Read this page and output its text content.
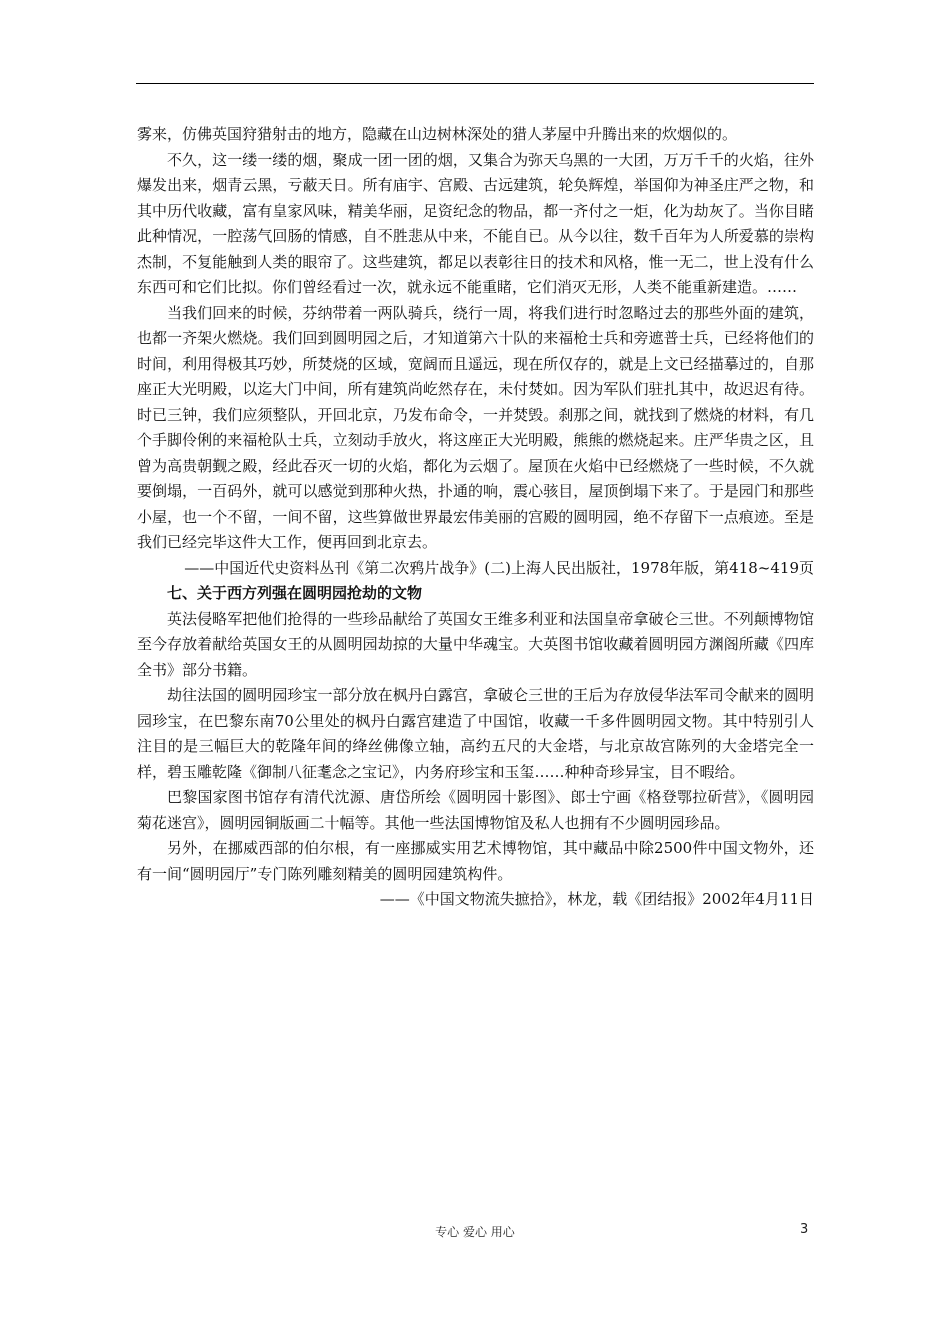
雾来，仿佛英国狩猎射击的地方，隐藏在山边树林深处的猎人茅屋中升腾出来的炊烟似的。

不久，这一缕一缕的烟，聚成一团一团的烟，又集合为弥天乌黑的一大团，万万千千的火焰，往外爆发出来，烟青云黑，亏蔽天日。所有庙宇、宫殿、古远建筑，轮奂辉煌，举国仰为神圣庄严之物，和其中历代收藏，富有皇家风味，精美华丽，足资纪念的物品，都一齐付之一炬，化为劫灰了。当你目睹此种情况，一腔荡气回肠的情感，自不胜悲从中来，不能自已。从今以往，数千百年为人所爱慕的崇构杰制，不复能触到人类的眼帘了。这些建筑，都足以表彰往日的技术和风格，惟一无二，世上没有什么东西可和它们比拟。你们曾经看过一次，就永远不能重睹，它们消灭无形，人类不能重新建造。……

当我们回来的时候，芬纳带着一两队骑兵，绕行一周，将我们进行时忽略过去的那些外面的建筑，也都一齐架火燃烧。我们回到圆明园之后，才知道第六十队的来福枪士兵和旁遮普士兵，已经将他们的时间，利用得极其巧妙，所焚烧的区域，宽阔而且遥远，现在所仅存的，就是上文已经描摹过的，自那座正大光明殿，以迄大门中间，所有建筑尚屹然存在，未付焚如。因为军队们驻扎其中，故迟迟有待。时已三钟，我们应须整队，开回北京，乃发布命令，一并焚毁。刹那之间，就找到了燃烧的材料，有几个手脚伶俐的来福枪队士兵，立刻动手放火，将这座正大光明殿，熊熊的燃烧起来。庄严华贵之区，且曾为高贵朝觐之殿，经此吞灭一切的火焰，都化为云烟了。屋顶在火焰中已经燃烧了一些时候，不久就要倒塌，一百码外，就可以感觉到那种火热，扑通的响，震心骇目，屋顶倒塌下来了。于是园门和那些小屋，也一个不留，一间不留，这些算做世界最宏伟美丽的宫殿的圆明园，绝不存留下一点痕迹。至是我们已经完毕这件大工作，便再回到北京去。

——中国近代史资料丛刊《第二次鸦片战争》(二)上海人民出版社，1978年版，第418~419页

七、关于西方列强在圆明园抢劫的文物

英法侵略军把他们抢得的一些珍品献给了英国女王维多利亚和法国皇帝拿破仑三世。不列颠博物馆至今存放着献给英国女王的从圆明园劫掠的大量中华魂宝。大英图书馆收藏着圆明园方渊阁所藏《四库全书》部分书籍。

劫往法国的圆明园珍宝一部分放在枫丹白露宫，拿破仑三世的王后为存放侵华法军司令献来的圆明园珍宝，在巴黎东南70公里处的枫丹白露宫建造了中国馆，收藏一千多件圆明园文物。其中特别引人注目的是三幅巨大的乾隆年间的绛丝佛像立轴，高约五尺的大金塔，与北京故宫陈列的大金塔完全一样，碧玉雕乾隆《御制八征耄念之宝记》，内务府珍宝和玉玺……种种奇珍异宝，目不暇给。

巴黎国家图书馆存有清代沈源、唐岱所绘《圆明园十影图》、郎士宁画《格登鄂拉斫营》，《圆明园菊花迷宫》，圆明园铜版画二十幅等。其他一些法国博物馆及私人也拥有不少圆明园珍品。

另外，在挪威西部的伯尔根，有一座挪威实用艺术博物馆，其中藏品中除2500件中国文物外，还有一间“圆明园厅”专门陈列雕刻精美的圆明园建筑构件。

——《中国文物流失摭拾》，林龙，载《团结报》2002年4月11日

专心 爱心 用心	3
